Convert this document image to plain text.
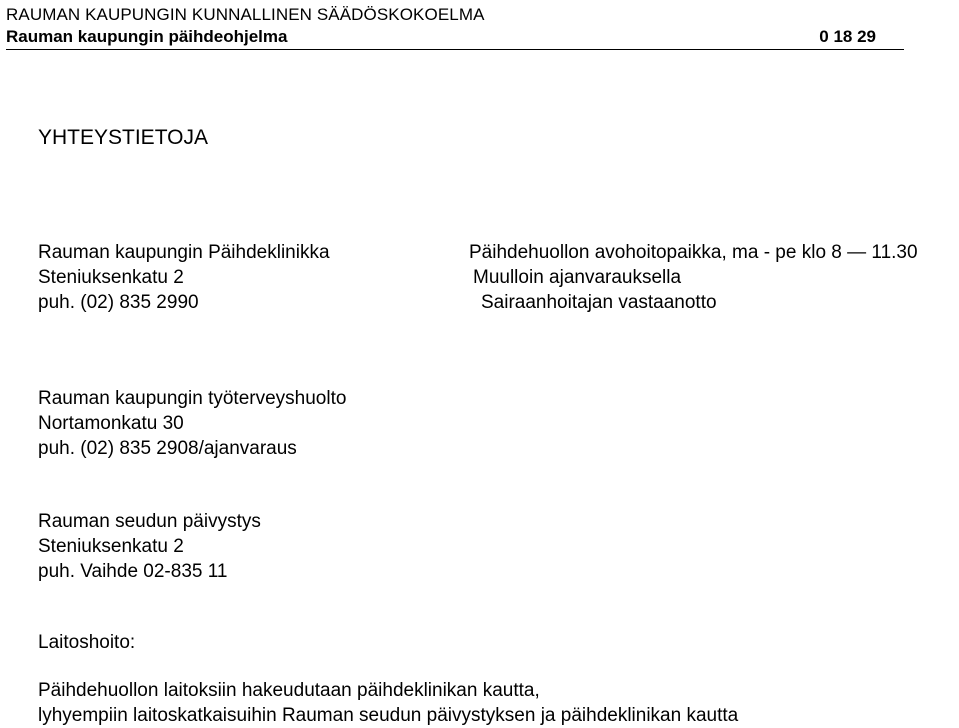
RAUMAN KAUPUNGIN KUNNALLINEN SÄÄDÖSKOKOELMA
Rauman kaupungin päihdeohjelma	0 18 29
YHTEYSTIETOJA
Rauman kaupungin Päihdeklinikka
Steniuksenkatu 2
puh. (02) 835 2990
Päihdehuollon avohoitopaikka, ma - pe klo 8 — 11.30
Muulloin ajanvarauksella
Sairaanhoitajan vastaanotto
Rauman kaupungin työterveyshuolto
Nortamonkatu 30
puh. (02) 835 2908/ajanvaraus
Rauman seudun päivystys
Steniuksenkatu 2
puh. Vaihde 02-835 11
Laitoshoito:
Päihdehuollon laitoksiin hakeudutaan päihdeklinikan kautta,
lyhyempiin laitoskatkaisuihin Rauman seudun päivystyksen ja päihdeklinikan kautta
